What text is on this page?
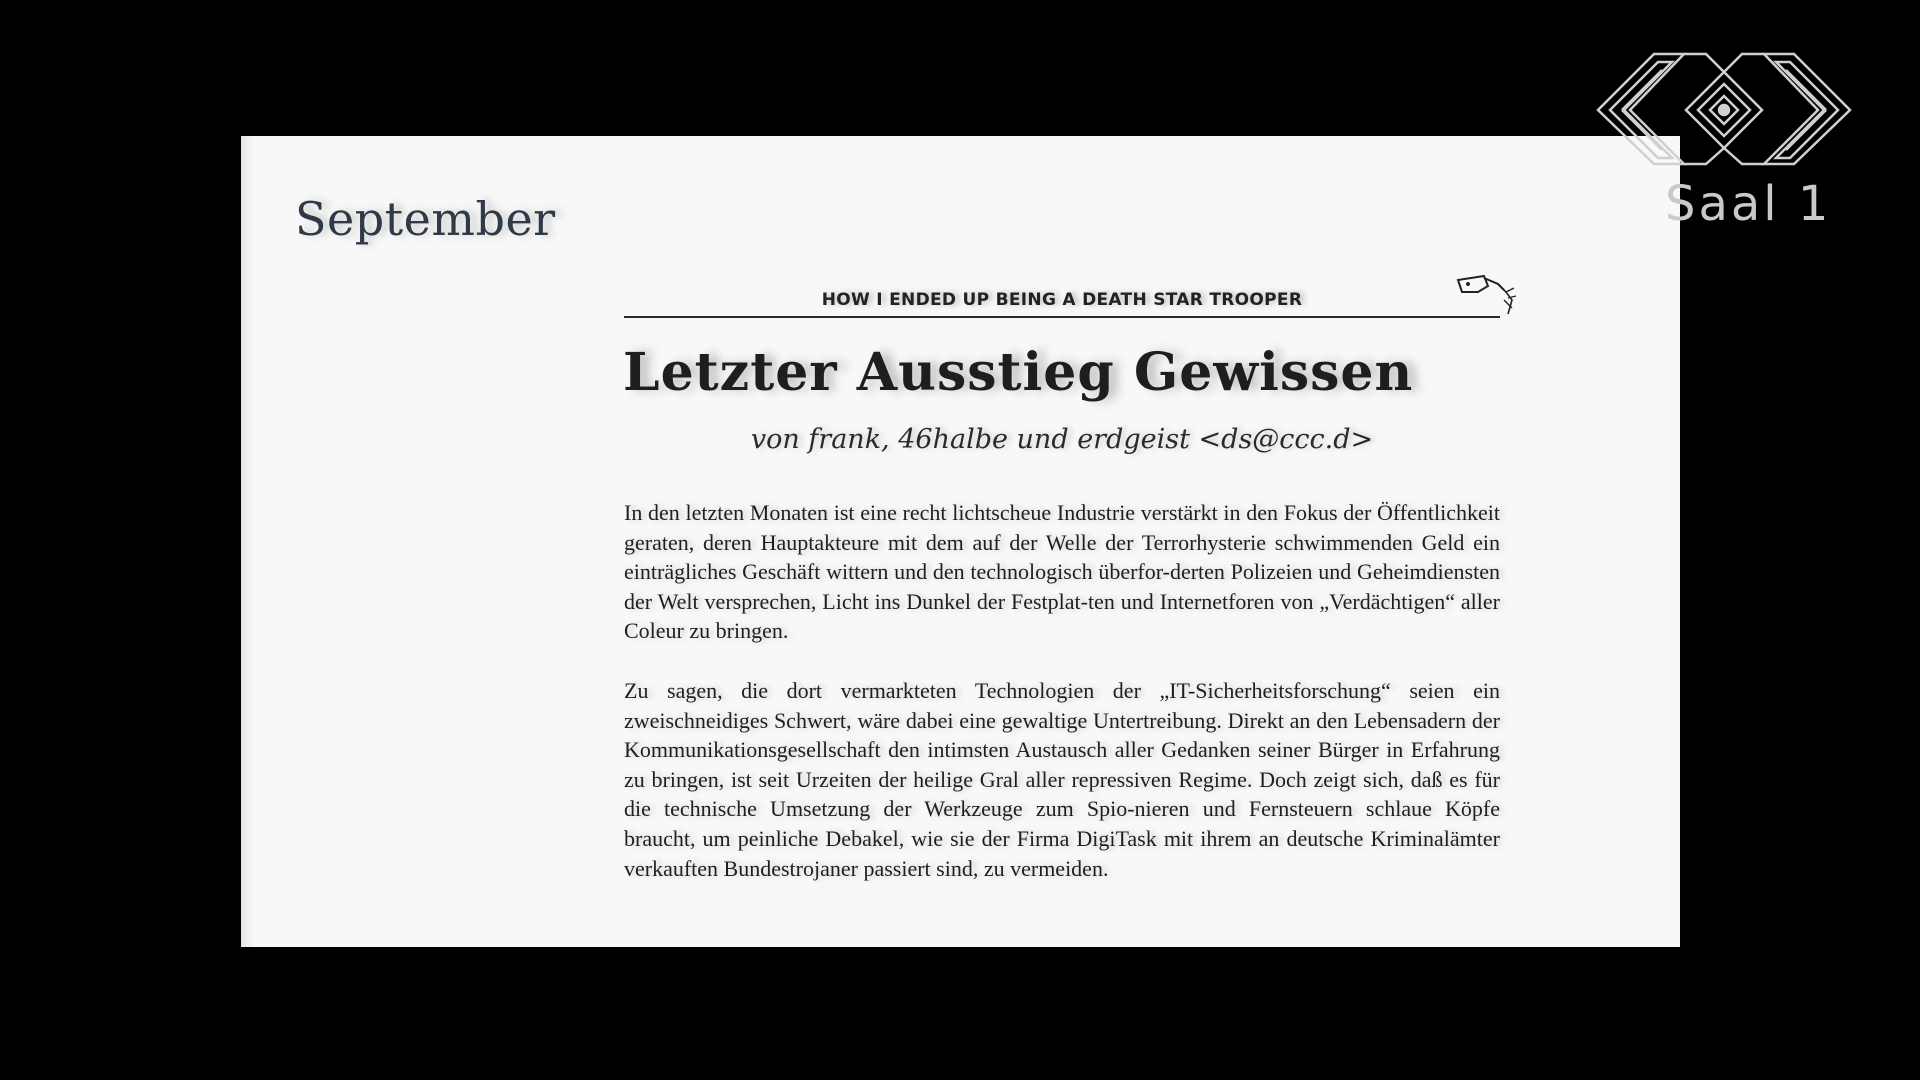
September
HOW I ENDED UP BEING A DEATH STAR TROOPER
Letzter Ausstieg Gewissen
von frank, 46halbe und erdgeist <ds@ccc.d>
In den letzten Monaten ist eine recht lichtscheue Industrie verstärkt in den Fokus der Öffentlichkeit geraten, deren Hauptakteure mit dem auf der Welle der Terrorhysterie schwimmenden Geld ein einträgliches Geschäft wittern und den technologisch überfor-derten Polizeien und Geheimdiensten der Welt versprechen, Licht ins Dunkel der Festplat-ten und Internetforen von „Verdächtigen“ aller Coleur zu bringen.
Zu sagen, die dort vermarkteten Technologien der „IT-Sicherheitsforschung“ seien ein zweischneidiges Schwert, wäre dabei eine gewaltige Untertreibung. Direkt an den Lebensadern der Kommunikationsgesellschaft den intimsten Austausch aller Gedanken seiner Bürger in Erfahrung zu bringen, ist seit Urzeiten der heilige Gral aller repressiven Regime. Doch zeigt sich, daß es für die technische Umsetzung der Werkzeuge zum Spio-nieren und Fernsteuern schlaue Köpfe braucht, um peinliche Debakel, wie sie der Firma DigiTask mit ihrem an deutsche Kriminalämter verkauften Bundestrojaner passiert sind, zu vermeiden.
Saal 1
